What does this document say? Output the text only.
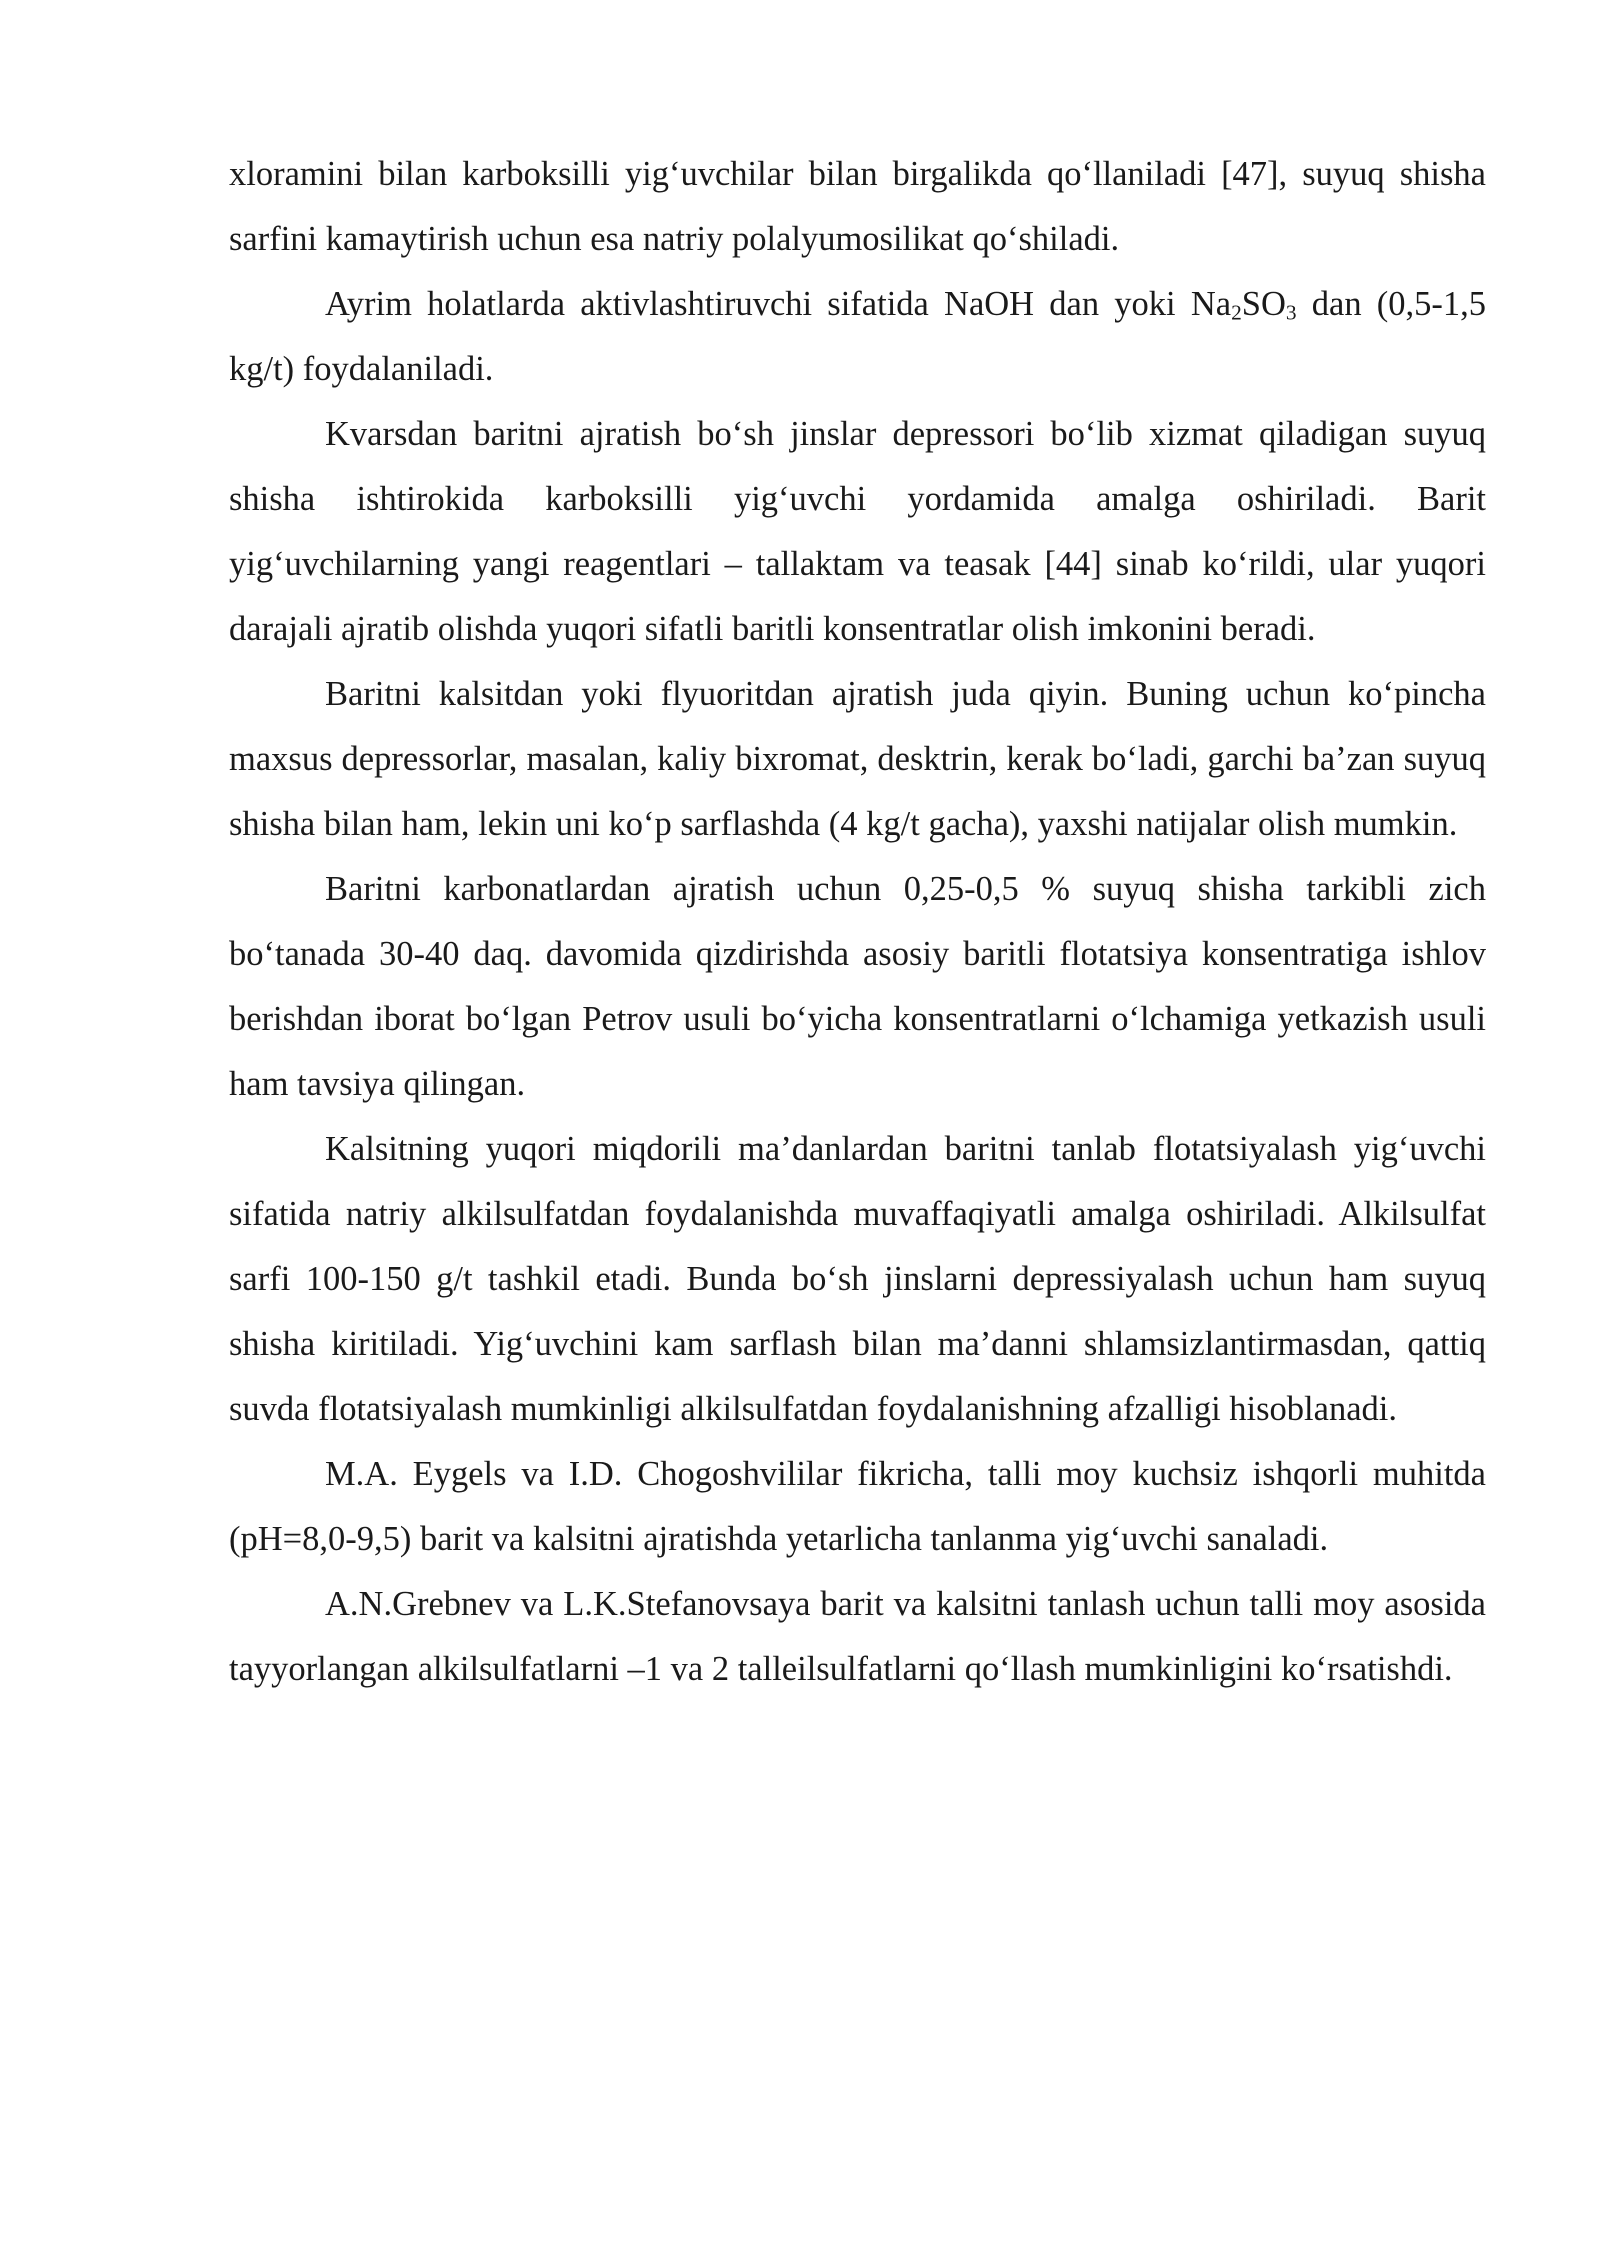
xloramini bilan karboksilli yig‘uvchilar bilan birgalikda qo‘llaniladi [47], suyuq shisha sarfini kamaytirish uchun esa natriy polalyumosilikat qo‘shiladi.

Ayrim holatlarda aktivlashtiruvchi sifatida NaOH dan yoki $Na_2SO_3$ dan (0,5-1,5 kg/t) foydalaniladi.

Kvarsdan baritni ajratish bo‘sh jinslar depressori bo‘lib xizmat qiladigan suyuq shisha ishtirokida karboksilli yig‘uvchi yordamida amalga oshiriladi. Barit yig‘uvchilarning yangi reagentlari – tallaktam va teasak [44] sinab ko‘rildi, ular yuqori darajali ajratib olishda yuqori sifatli baritli konsentratlar olish imkonini beradi.

Baritni kalsitdan yoki flyuoritdan ajratish juda qiyin. Buning uchun ko‘pincha maxsus depressorlar, masalan, kaliy bixromat, desktrin, kerak bo‘ladi, garchi ba’zan suyuq shisha bilan ham, lekin uni ko‘p sarflashda (4 kg/t gacha), yaxshi natijalar olish mumkin.

Baritni karbonatlardan ajratish uchun 0,25-0,5 % suyuq shisha tarkibli zich bo‘tanada 30-40 daq. davomida qizdirishda asosiy baritli flotatsiya konsentratiga ishlov berishdan iborat bo‘lgan Petrov usuli bo‘yicha konsentratlarni o‘lchamiga yetkazish usuli ham tavsiya qilingan.

Kalsitning yuqori miqdorili ma’danlardan baritni tanlab flotatsiyalash yig‘uvchi sifatida natriy alkilsulfatdan foydalanishda muvaffaqiyatli amalga oshiriladi. Alkilsulfat sarfi 100-150 g/t tashkil etadi. Bunda bo‘sh jinslarni depressiyalash uchun ham suyuq shisha kiritiladi. Yig‘uvchini kam sarflash bilan ma’danni shlamsizlantirmasdan, qattiq suvda flotatsiyalash mumkinligi alkilsulfatdan foydalanishning afzalligi hisoblanadi.

M.A. Eygels va I.D. Chogoshvililar fikricha, talli moy kuchsiz ishqorli muhitda (pH=8,0-9,5) barit va kalsitni ajratishda yetarlicha tanlanma yig‘uvchi sanaladi.

A.N.Grebnev va L.K.Stefanovsaya barit va kalsitni tanlash uchun talli moy asosida tayyorlangan alkilsulfatlarni –1 va 2 talleilsulfatlarni qo‘llash mumkinligini ko‘rsatishdi.
